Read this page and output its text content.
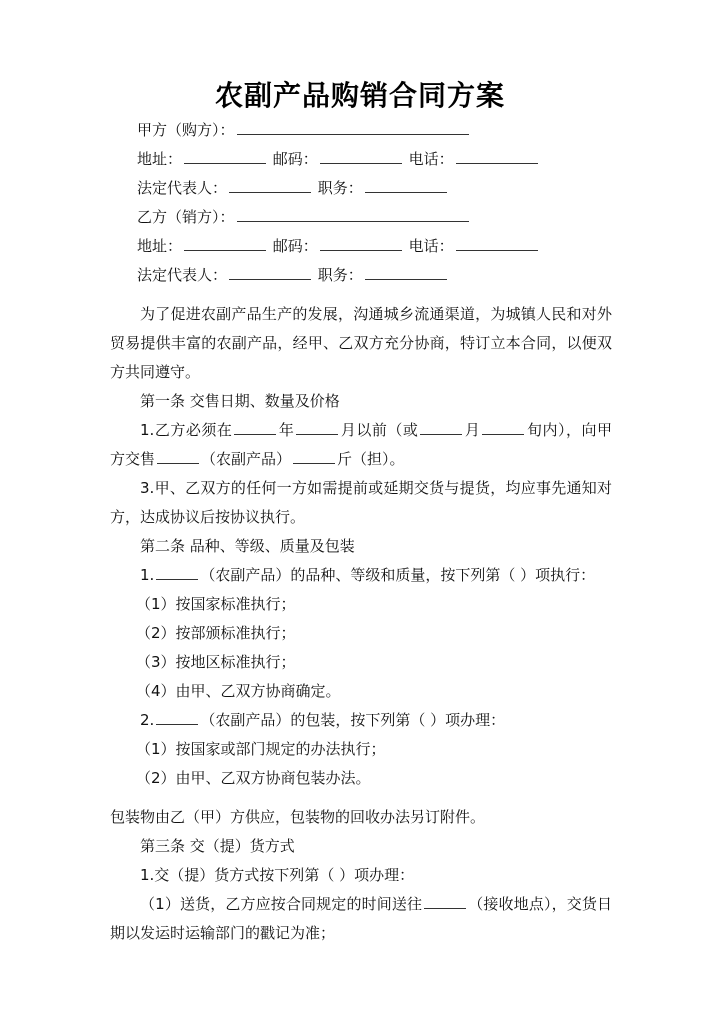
农副产品购销合同方案
甲方（购方）：
地址：	邮码：	电话：
法定代表人：	职务：
乙方（销方）：
地址：	邮码：	电话：
法定代表人：	职务：

为了促进农副产品生产的发展，沟通城乡流通渠道，为城镇人民和对外贸易提供丰富的农副产品，经甲、乙双方充分协商，特订立本合同，以便双方共同遵守。

第一条 交售日期、数量及价格

1.乙方必须在	年	月以前（或	月	旬内），向甲方交售	（农副产品）	斤（担）。

3.甲、乙双方的任何一方如需提前或延期交货与提货，均应事先通知对方，达成协议后按协议执行。

第二条 品种、等级、质量及包装

1.	（农副产品）的品种、等级和质量，按下列第（ ）项执行：

（1）按国家标准执行；

（2）按部颁标准执行；

（3）按地区标准执行；

（4）由甲、乙双方协商确定。

2.	（农副产品）的包装，按下列第（ ）项办理：

（1）按国家或部门规定的办法执行；

（2）由甲、乙双方协商包装办法。

包装物由乙（甲）方供应，包装物的回收办法另订附件。

第三条 交（提）货方式

1.交（提）货方式按下列第（ ）项办理：

（1）送货，乙方应按合同规定的时间送往	（接收地点），交货日期以发运时运输部门的戳记为准；
